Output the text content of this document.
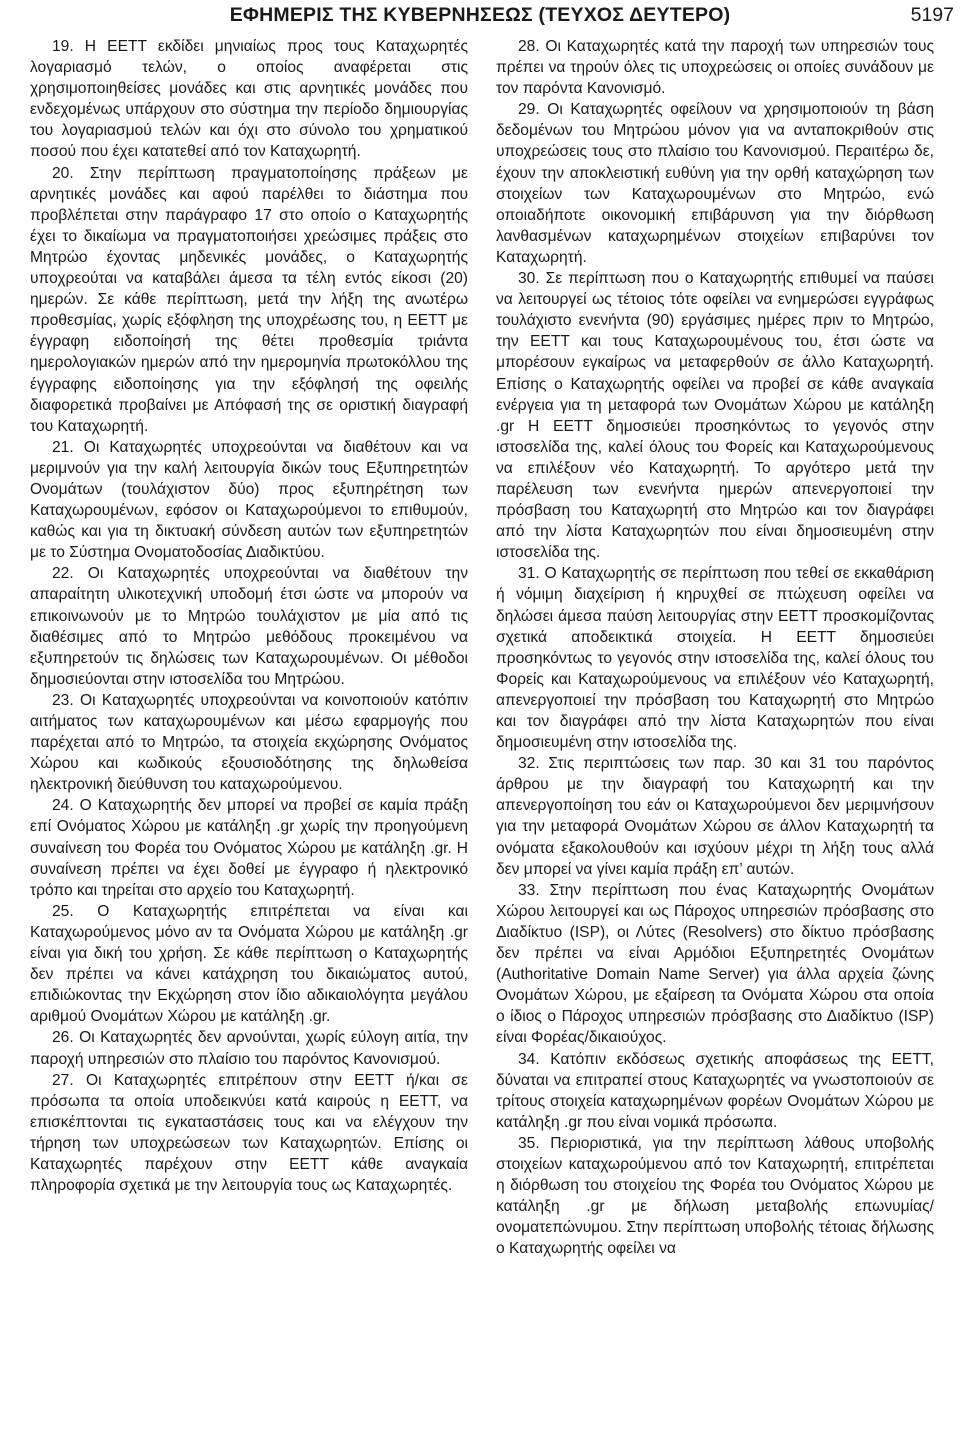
ΕΦΗΜΕΡΙΣ ΤΗΣ ΚΥΒΕΡΝΗΣΕΩΣ (ΤΕΥΧΟΣ ΔΕΥΤΕΡΟ)	5197

19. Η ΕΕΤΤ εκδίδει μηνιαίως προς τους Καταχωρητές λογαριασμό τελών, ο οποίος αναφέρεται στις χρησιμοποιηθείσες μονάδες και στις αρνητικές μονάδες που ενδεχομένως υπάρχουν στο σύστημα την περίοδο δημιουργίας του λογαριασμού τελών και όχι στο σύνολο του χρηματικού ποσού που έχει κατατεθεί από τον Καταχωρητή.

20. Στην περίπτωση πραγματοποίησης πράξεων με αρνητικές μονάδες και αφού παρέλθει το διάστημα που προβλέπεται στην παράγραφο 17 στο οποίο ο Καταχωρητής έχει το δικαίωμα να πραγματοποιήσει χρεώσιμες πράξεις στο Μητρώο έχοντας μηδενικές μονάδες, ο Καταχωρητής υποχρεούται να καταβάλει άμεσα τα τέλη εντός είκοσι (20) ημερών. Σε κάθε περίπτωση, μετά την λήξη της ανωτέρω προθεσμίας, χωρίς εξόφληση της υποχρέωσης του, η ΕΕΤΤ με έγγραφη ειδοποίησή της θέτει προθεσμία τριάντα ημερολογιακών ημερών από την ημερομηνία πρωτοκόλλου της έγγραφης ειδοποίησης για την εξόφλησή της οφειλής διαφορετικά προβαίνει με Απόφασή της σε οριστική διαγραφή του Καταχωρητή.

21. Οι Καταχωρητές υποχρεούνται να διαθέτουν και να μεριμνούν για την καλή λειτουργία δικών τους Εξυπηρετητών Ονομάτων (τουλάχιστον δύο) προς εξυπηρέτηση των Καταχωρουμένων, εφόσον οι Καταχωρούμενοι το επιθυμούν, καθώς και για τη δικτυακή σύνδεση αυτών των εξυπηρετητών με το Σύστημα Ονοματοδοσίας Διαδικτύου.

22. Οι Καταχωρητές υποχρεούνται να διαθέτουν την απαραίτητη υλικοτεχνική υποδομή έτσι ώστε να μπορούν να επικοινωνούν με το Μητρώο τουλάχιστον με μία από τις διαθέσιμες από το Μητρώο μεθόδους προκειμένου να εξυπηρετούν τις δηλώσεις των Καταχωρουμένων. Οι μέθοδοι δημοσιεύονται στην ιστοσελίδα του Μητρώου.

23. Οι Καταχωρητές υποχρεούνται να κοινοποιούν κατόπιν αιτήματος των καταχωρουμένων και μέσω εφαρμογής που παρέχεται από το Μητρώο, τα στοιχεία εκχώρησης Ονόματος Χώρου και κωδικούς εξουσιοδότησης της δηλωθείσα ηλεκτρονική διεύθυνση του καταχωρούμενου.

24. Ο Καταχωρητής δεν μπορεί να προβεί σε καμία πράξη επί Ονόματος Χώρου με κατάληξη .gr χωρίς την προηγούμενη συναίνεση του Φορέα του Ονόματος Χώρου με κατάληξη .gr. Η συναίνεση πρέπει να έχει δοθεί με έγγραφο ή ηλεκτρονικό τρόπο και τηρείται στο αρχείο του Καταχωρητή.

25. Ο Καταχωρητής επιτρέπεται να είναι και Καταχωρούμενος μόνο αν τα Ονόματα Χώρου με κατάληξη .gr είναι για δική του χρήση. Σε κάθε περίπτωση ο Καταχωρητής δεν πρέπει να κάνει κατάχρηση του δικαιώματος αυτού, επιδιώκοντας την Εκχώρηση στον ίδιο αδικαιολόγητα μεγάλου αριθμού Ονομάτων Χώρου με κατάληξη .gr.

26. Οι Καταχωρητές δεν αρνούνται, χωρίς εύλογη αιτία, την παροχή υπηρεσιών στο πλαίσιο του παρόντος Κανονισμού.

27. Οι Καταχωρητές επιτρέπουν στην ΕΕΤΤ ή/και σε πρόσωπα τα οποία υποδεικνύει κατά καιρούς η ΕΕΤΤ, να επισκέπτονται τις εγκαταστάσεις τους και να ελέγχουν την τήρηση των υποχρεώσεων των Καταχωρητών. Επίσης οι Καταχωρητές παρέχουν στην ΕΕΤΤ κάθε αναγκαία πληροφορία σχετικά με την λειτουργία τους ως Καταχωρητές.

28. Οι Καταχωρητές κατά την παροχή των υπηρεσιών τους πρέπει να τηρούν όλες τις υποχρεώσεις οι οποίες συνάδουν με τον παρόντα Κανονισμό.

29. Οι Καταχωρητές οφείλουν να χρησιμοποιούν τη βάση δεδομένων του Μητρώου μόνον για να ανταποκριθούν στις υποχρεώσεις τους στο πλαίσιο του Κανονισμού. Περαιτέρω δε, έχουν την αποκλειστική ευθύνη για την ορθή καταχώρηση των στοιχείων των Καταχωρουμένων στο Μητρώο, ενώ οποιαδήποτε οικονομική επιβάρυνση για την διόρθωση λανθασμένων καταχωρημένων στοιχείων επιβαρύνει τον Καταχωρητή.

30. Σε περίπτωση που ο Καταχωρητής επιθυμεί να παύσει να λειτουργεί ως τέτοιος τότε οφείλει να ενημερώσει εγγράφως τουλάχιστο ενενήντα (90) εργάσιμες ημέρες πριν το Μητρώο, την ΕΕΤΤ και τους Καταχωρουμένους του, έτσι ώστε να μπορέσουν εγκαίρως να μεταφερθούν σε άλλο Καταχωρητή. Επίσης ο Καταχωρητής οφείλει να προβεί σε κάθε αναγκαία ενέργεια για τη μεταφορά των Ονομάτων Χώρου με κατάληξη .gr Η ΕΕΤΤ δημοσιεύει προσηκόντως το γεγονός στην ιστοσελίδα της, καλεί όλους του Φορείς και Καταχωρούμενους να επιλέξουν νέο Καταχωρητή. Το αργότερο μετά την παρέλευση των ενενήντα ημερών απενεργοποιεί την πρόσβαση του Καταχωρητή στο Μητρώο και τον διαγράφει από την λίστα Καταχωρητών που είναι δημοσιευμένη στην ιστοσελίδα της.

31. Ο Καταχωρητής σε περίπτωση που τεθεί σε εκκαθάριση ή νόμιμη διαχείριση ή κηρυχθεί σε πτώχευση οφείλει να δηλώσει άμεσα παύση λειτουργίας στην ΕΕΤΤ προσκομίζοντας σχετικά αποδεικτικά στοιχεία. Η ΕΕΤΤ δημοσιεύει προσηκόντως το γεγονός στην ιστοσελίδα της, καλεί όλους του Φορείς και Καταχωρούμενους να επιλέξουν νέο Καταχωρητή, απενεργοποιεί την πρόσβαση του Καταχωρητή στο Μητρώο και τον διαγράφει από την λίστα Καταχωρητών που είναι δημοσιευμένη στην ιστοσελίδα της.

32. Στις περιπτώσεις των παρ. 30 και 31 του παρόντος άρθρου με την διαγραφή του Καταχωρητή και την απενεργοποίηση του εάν οι Καταχωρούμενοι δεν μεριμνήσουν για την μεταφορά Ονομάτων Χώρου σε άλλον Καταχωρητή τα ονόματα εξακολουθούν και ισχύουν μέχρι τη λήξη τους αλλά δεν μπορεί να γίνει καμία πράξη επ’ αυτών.

33. Στην περίπτωση που ένας Καταχωρητής Ονομάτων Χώρου λειτουργεί και ως Πάροχος υπηρεσιών πρόσβασης στο Διαδίκτυο (ISP), οι Λύτες (Resolvers) στο δίκτυο πρόσβασης δεν πρέπει να είναι Αρμόδιοι Εξυπηρετητές Ονομάτων (Authoritative Domain Name Server) για άλλα αρχεία ζώνης Ονομάτων Χώρου, με εξαίρεση τα Ονόματα Χώρου στα οποία ο ίδιος ο Πάροχος υπηρεσιών πρόσβασης στο Διαδίκτυο (ISP) είναι Φορέας/δικαιούχος.

34. Κατόπιν εκδόσεως σχετικής αποφάσεως της ΕΕΤΤ, δύναται να επιτραπεί στους Καταχωρητές να γνωστοποιούν σε τρίτους στοιχεία καταχωρημένων φορέων Ονομάτων Χώρου με κατάληξη .gr που είναι νομικά πρόσωπα.

35. Περιοριστικά, για την περίπτωση λάθους υποβολής στοιχείων καταχωρούμενου από τον Καταχωρητή, επιτρέπεται η διόρθωση του στοιχείου της Φορέα του Ονόματος Χώρου με κατάληξη .gr με δήλωση μεταβολής επωνυμίας/ονοματεπώνυμου. Στην περίπτωση υποβολής τέτοιας δήλωσης ο Καταχωρητής οφείλει να
